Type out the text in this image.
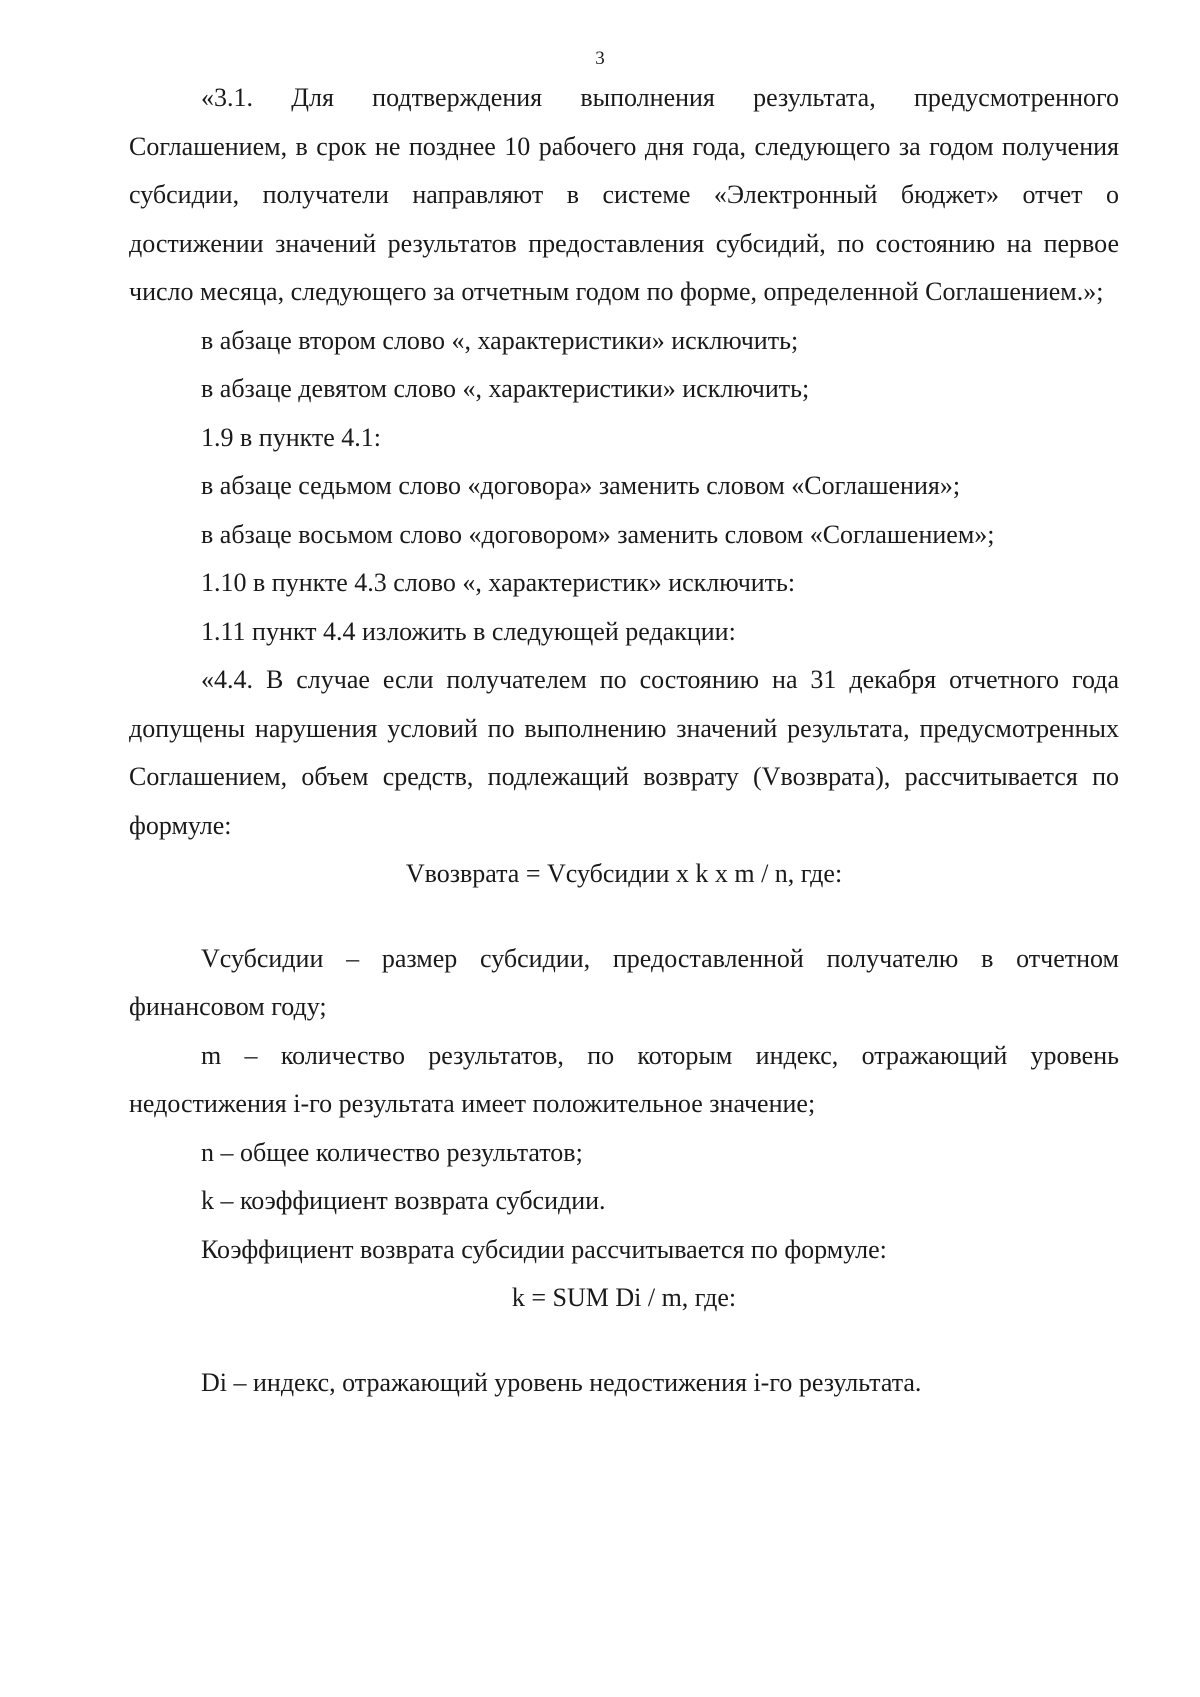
3

«3.1. Для подтверждения выполнения результата, предусмотренного Соглашением, в срок не позднее 10 рабочего дня года, следующего за годом получения субсидии, получатели направляют в системе «Электронный бюджет» отчет о достижении значений результатов предоставления субсидий, по состоянию на первое число месяца, следующего за отчетным годом по форме, определенной Соглашением.»;

в абзаце втором слово «, характеристики» исключить;

в абзаце девятом слово «, характеристики» исключить;

1.9 в пункте 4.1:

в абзаце седьмом слово «договора» заменить словом «Соглашения»;

в абзаце восьмом слово «договором» заменить словом «Соглашением»;

1.10 в пункте 4.3 слово «, характеристик» исключить:

1.11 пункт 4.4 изложить в следующей редакции:

«4.4. В случае если получателем по состоянию на 31 декабря отчетного года допущены нарушения условий по выполнению значений результата, предусмотренных Соглашением, объем средств, подлежащий возврату (Vвозврата), рассчитывается по формуле:

Vвозврата = Vсубсидии x k x m / n, где:

Vсубсидии – размер субсидии, предоставленной получателю в отчетном финансовом году;

m – количество результатов, по которым индекс, отражающий уровень недостижения i-го результата имеет положительное значение;

n – общее количество результатов;

k – коэффициент возврата субсидии.

Коэффициент возврата субсидии рассчитывается по формуле:

k = SUM Di / m, где:

Di – индекс, отражающий уровень недостижения i-го результата.
